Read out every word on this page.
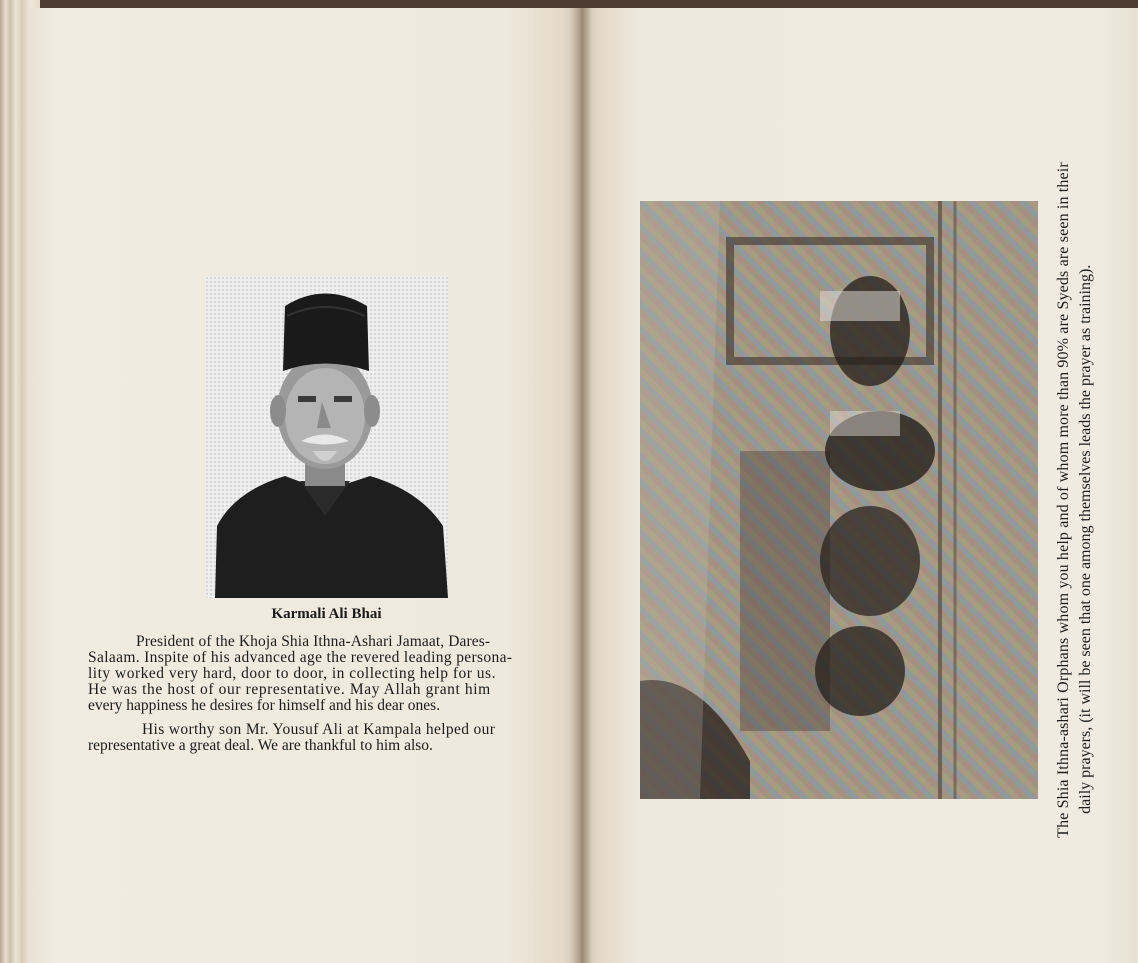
Karmali Ali Bhai

President of the Khoja Shia Ithna-Ashari Jamaat, Dares-
Salaam. Inspite of his advanced age the revered leading persona-
lity worked very hard, door to door, in collecting help for us.
He was the host of our representative. May Allah grant him
every happiness he desires for himself and his dear ones.

His worthy son Mr. Yousuf Ali at Kampala helped our
representative a great deal. We are thankful to him also.	The Shia Ithna-ashari Orphans whom you help and of whom more than 90% are Syeds are seen in their daily prayers, (it will be seen that one among themselves leads the prayer as training).
